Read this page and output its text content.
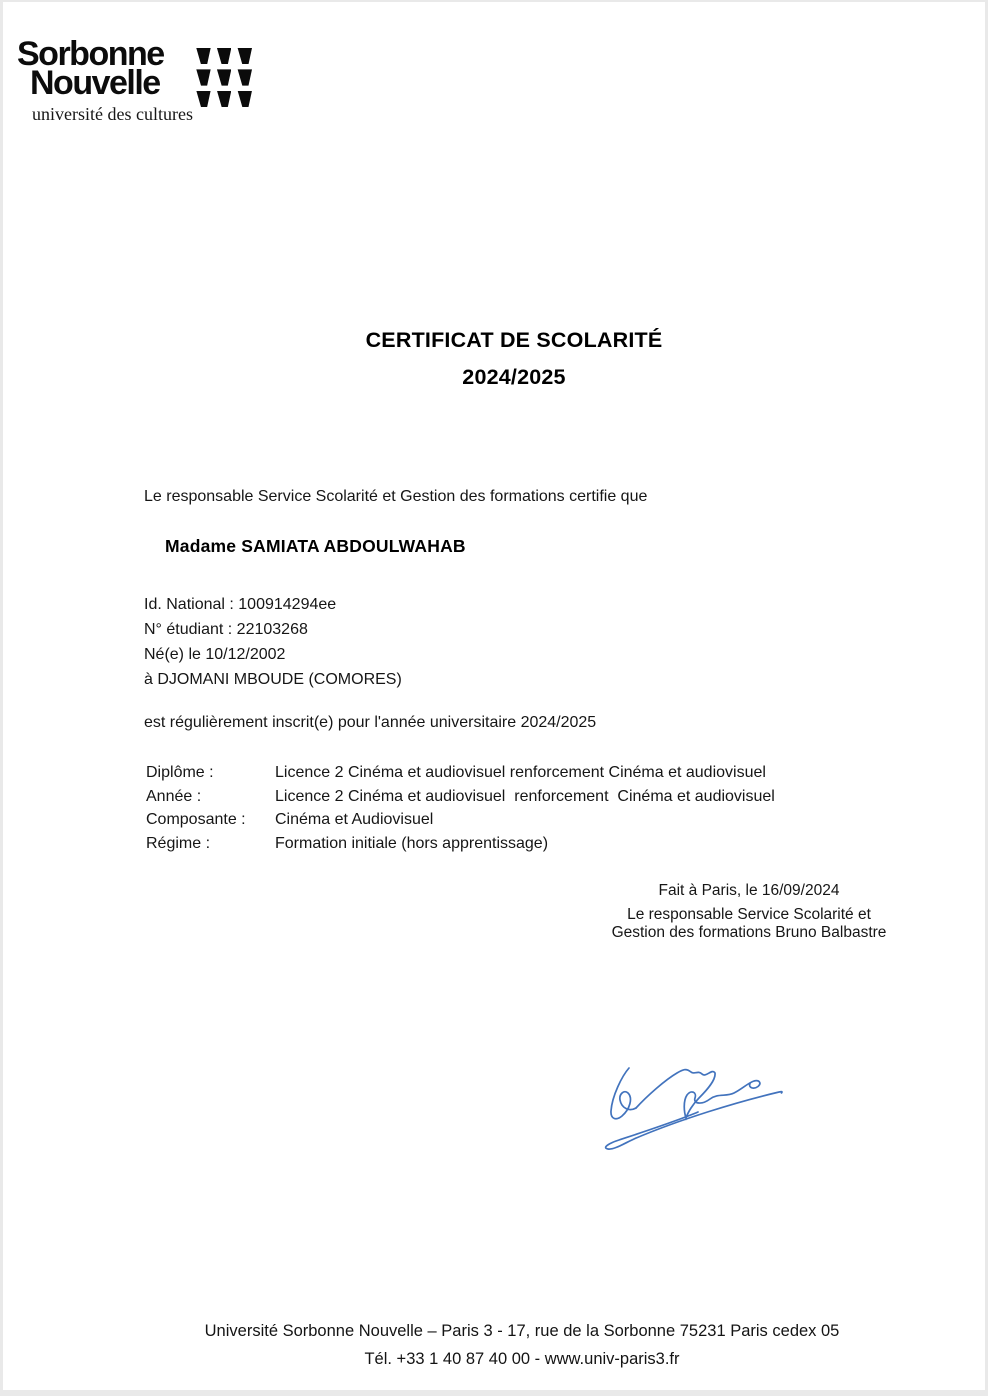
Sorbonne
Nouvelle
université des cultures
CERTIFICAT DE SCOLARITÉ
2024/2025
Le responsable Service Scolarité et Gestion des formations certifie que
Madame SAMIATA ABDOULWAHAB
Id. National : 100914294ee
N° étudiant : 22103268
Né(e) le 10/12/2002
à DJOMANI MBOUDE (COMORES)
est régulièrement inscrit(e) pour l'année universitaire 2024/2025
Diplôme :	Licence 2 Cinéma et audiovisuel renforcement Cinéma et audiovisuel
Année :	Licence 2 Cinéma et audiovisuel  renforcement  Cinéma et audiovisuel
Composante :	Cinéma et Audiovisuel
Régime :	Formation initiale (hors apprentissage)

Fait à Paris, le 16/09/2024

Le responsable Service Scolarité et Gestion des formations Bruno Balbastre

Université Sorbonne Nouvelle – Paris 3 - 17, rue de la Sorbonne 75231 Paris cedex 05
Tél. +33 1 40 87 40 00 - www.univ-paris3.fr
